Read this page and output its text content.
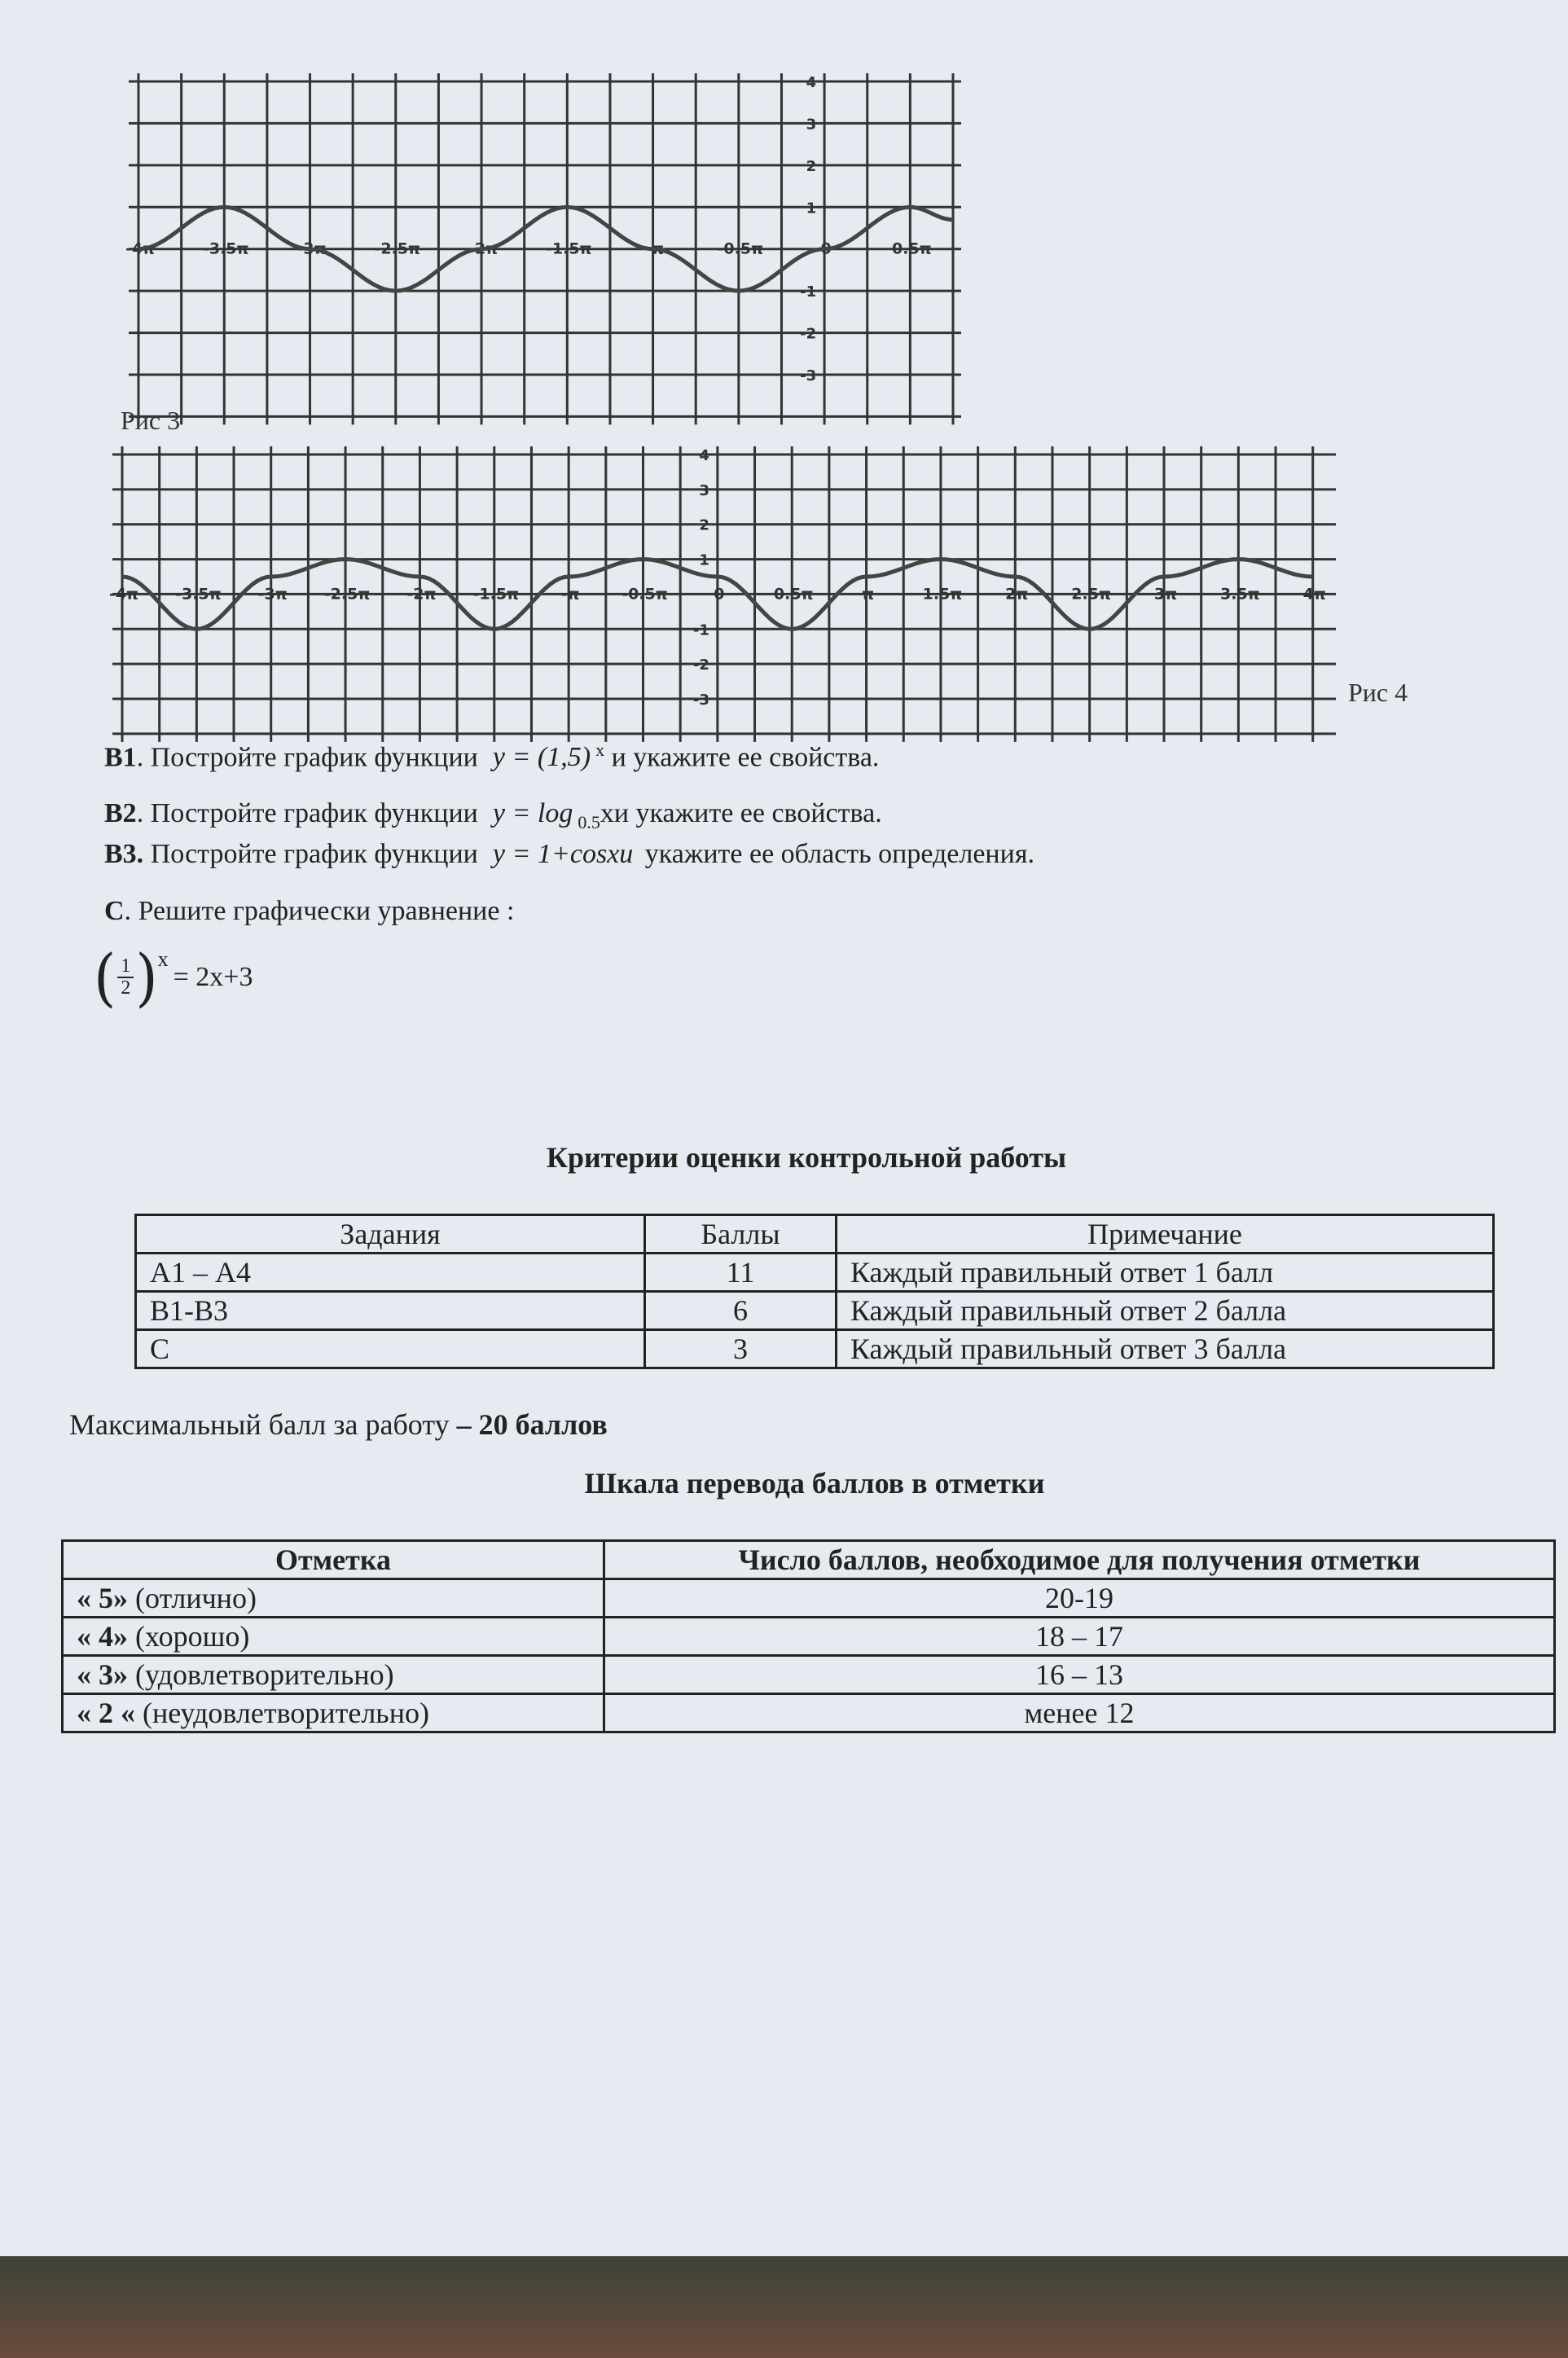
-4π	-3.5π	-3π	-2.5π	-2π	-1.5π	-π	-0.5π	0	0.5π
4
3
2
1
-1
-2
-3
Рис 3
-4π -3.5π -3π -2.5π -2π -1.5π	-π	-0.5π	0	0.5π	π	1.5π	2π	2.5π	3π	3.5π	4π
4
3
2
1
-1
-2
-3	Рис 4
В1. Постройте график функции y = (1,5) $^x$ и укажите ее свойства.
В2. Постройте график функции y = log $_{0.5}$xи укажите ее свойства.
В3. Постройте график функции y = 1+cosxи укажите ее область определения.
С. Решите графически уравнение :
( $\frac{1}{2}$ ) x
= 2x+3
Критерии оценки контрольной работы
Задания	Баллы	Примечание
А1 – А4	11	Каждый правильный ответ 1 балл
В1-В3	6	Каждый правильный ответ 2 балла
С	3	Каждый правильный ответ 3 балла
Максимальный балл за работу – 20 баллов
Шкала перевода баллов в отметки
Отметка	Число баллов, необходимое для получения отметки
« 5» (отлично)	20-19
« 4» (хорошо)	18 – 17
« 3» (удовлетворительно)	16 – 13
« 2 « (неудовлетворительно)	менее 12
